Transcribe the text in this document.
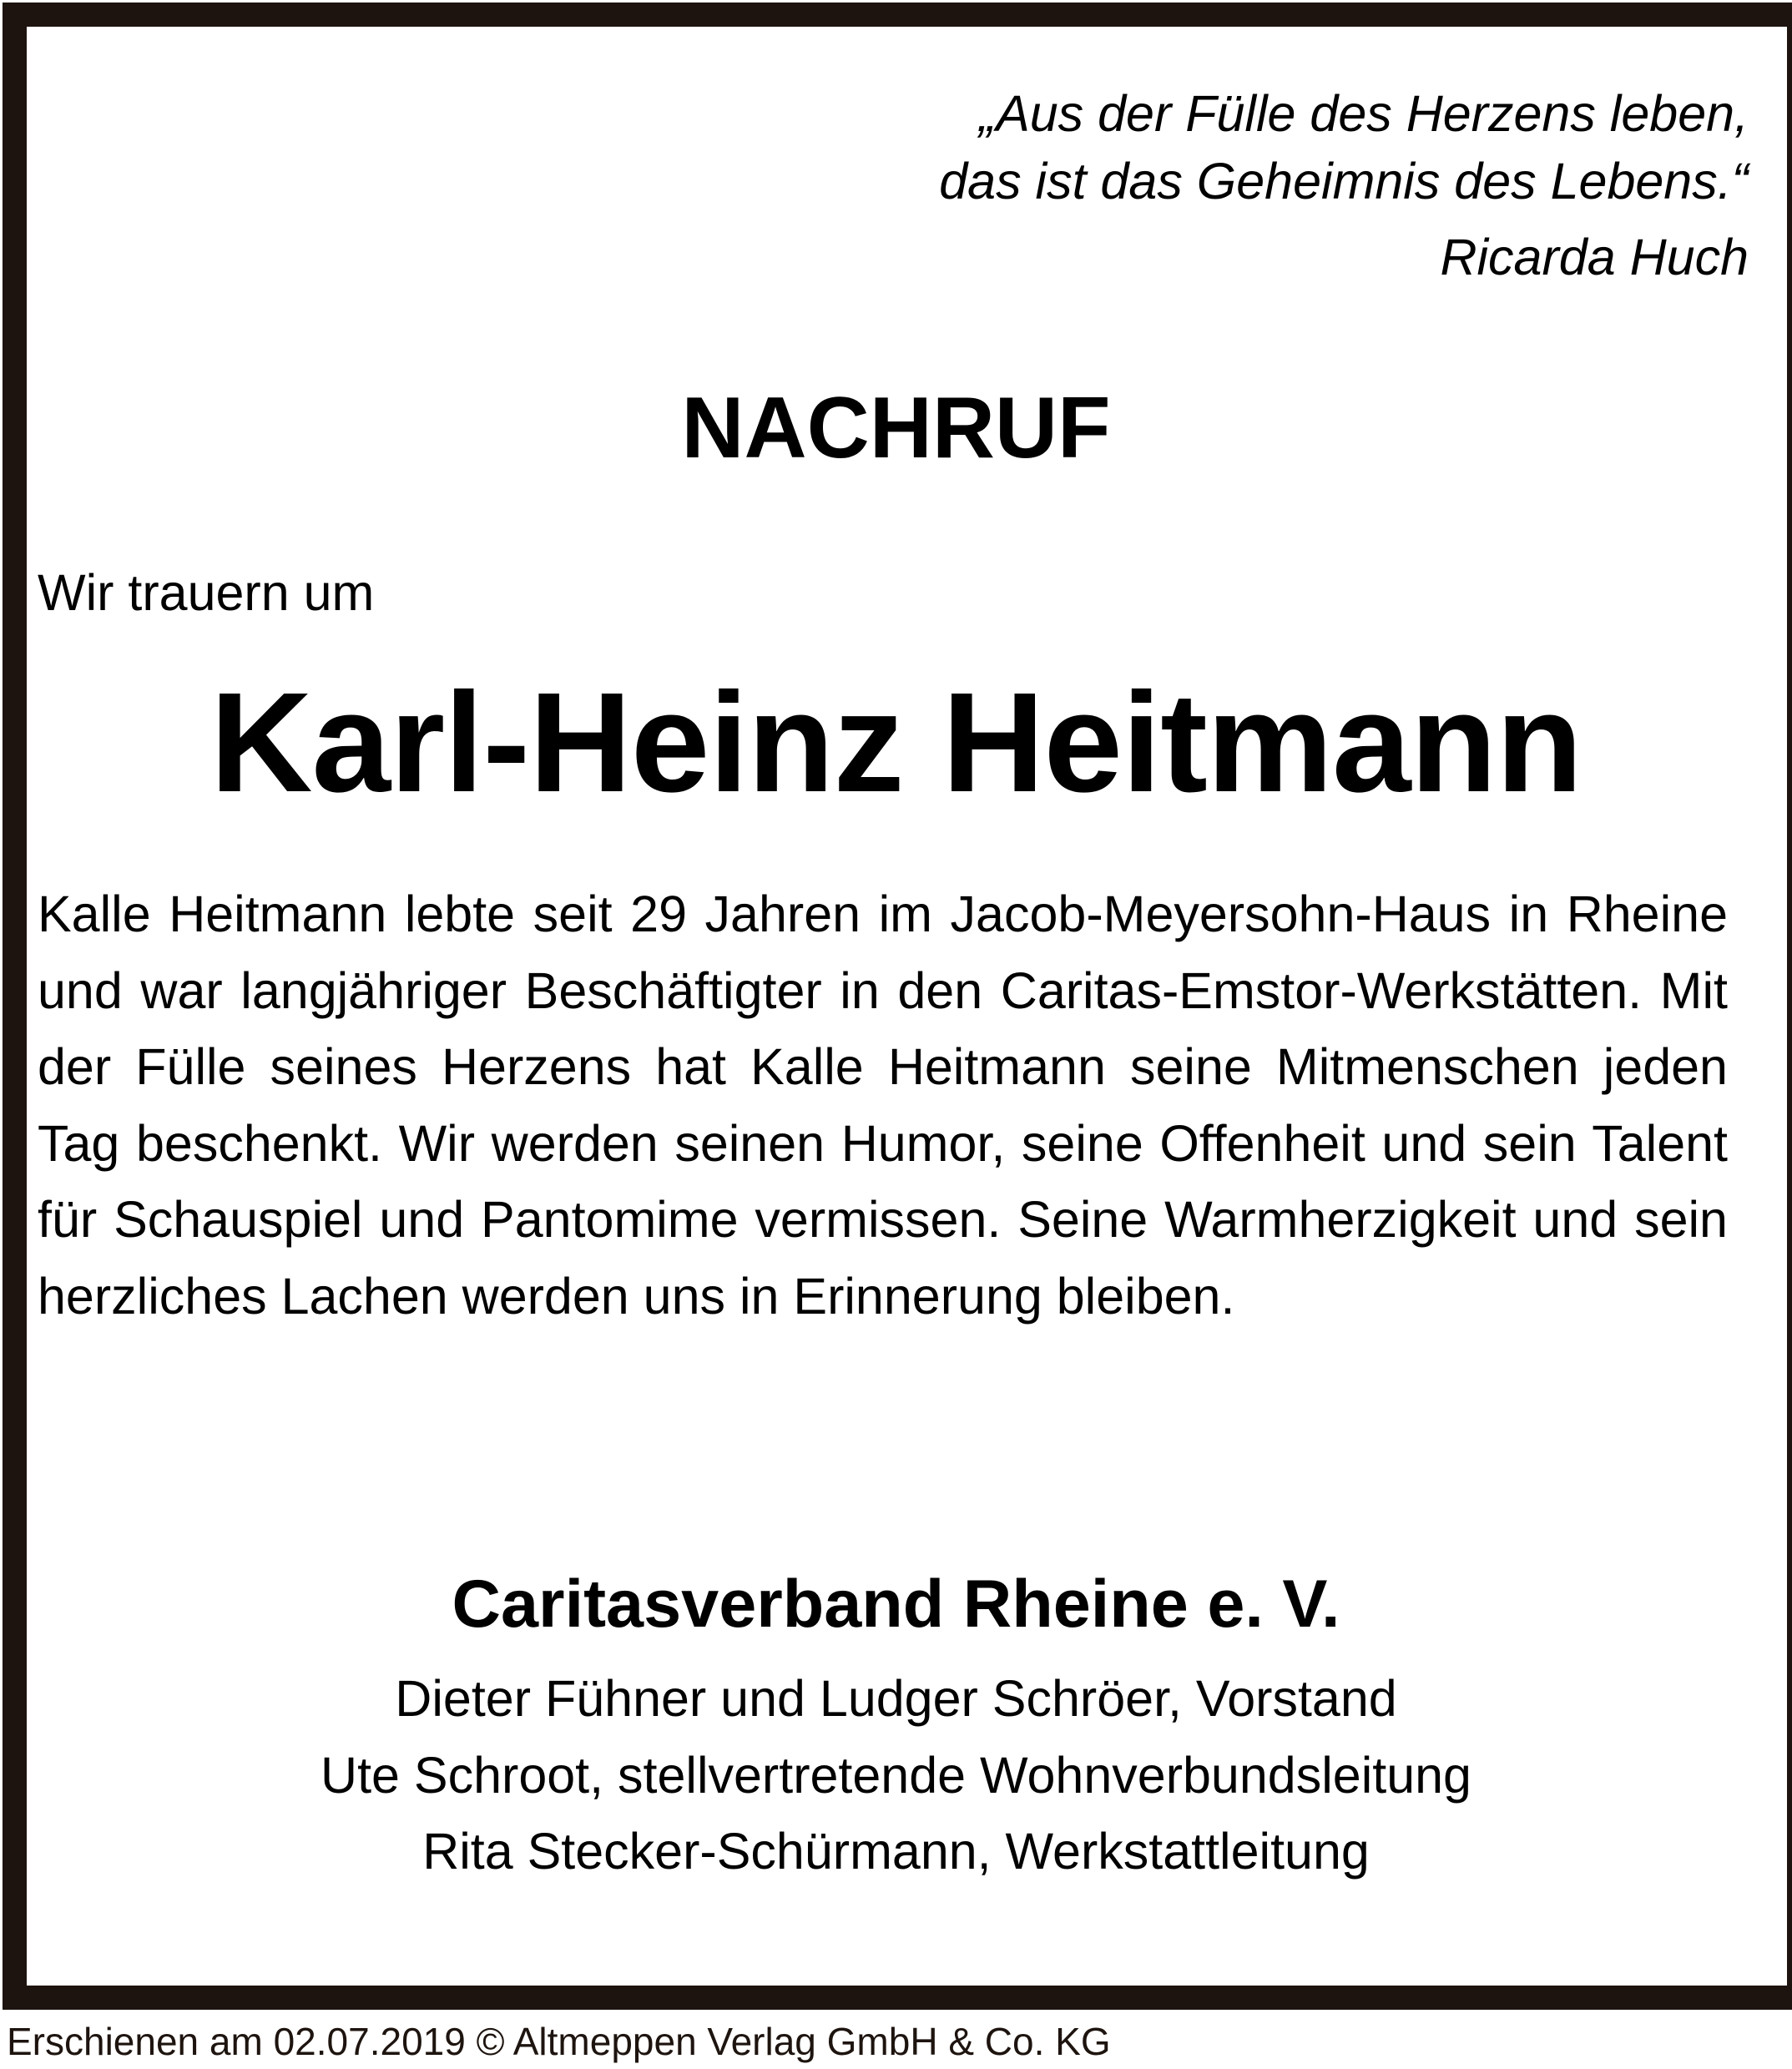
„Aus der Fülle des Herzens leben,
das ist das Geheimnis des Lebens.“
Ricarda Huch
NACHRUF
Wir trauern um
Karl-Heinz Heitmann
Kalle Heitmann lebte seit 29 Jahren im Jacob-Meyersohn-Haus in Rheine und war langjähriger Beschäftigter in den Caritas-Emstor-Werkstätten. Mit der Fülle seines Herzens hat Kalle Heitmann seine Mitmenschen jeden Tag beschenkt. Wir werden seinen Humor, seine Offenheit und sein Talent für Schauspiel und Pantomime vermissen. Seine Warmherzigkeit und sein herzliches Lachen werden uns in Erinnerung bleiben.
Caritasverband Rheine e. V.
Dieter Fühner und Ludger Schröer, Vorstand
Ute Schroot, stellvertretende Wohnverbundsleitung
Rita Stecker-Schürmann, Werkstattleitung
Erschienen am 02.07.2019 © Altmeppen Verlag GmbH & Co. KG
